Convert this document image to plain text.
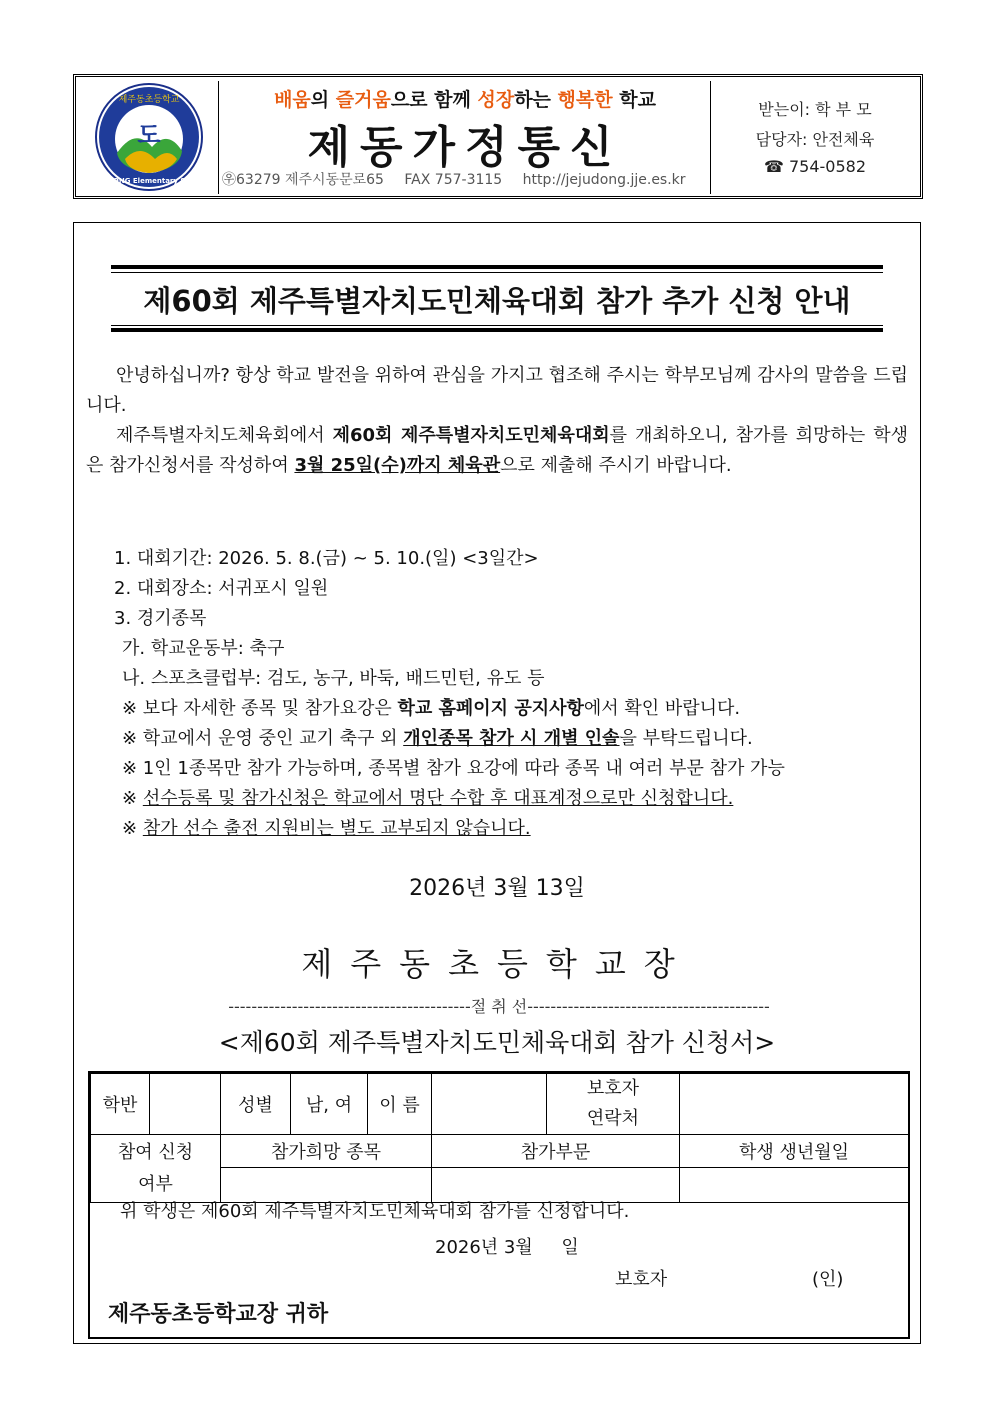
도
제주동초등학교
JEJUDONG Elementary School
배움의 즐거움으로 함께 성장하는 행복한 학교
제동가정통신
㉾63279 제주시동문로65 FAX 757-3115 http://jejudong.jje.es.kr
받는이: 학 부 모
담당자: 안전체육
☎ 754-0582
제60회 제주특별자치도민체육대회 참가 추가 신청 안내
안녕하십니까? 항상 학교 발전을 위하여 관심을 가지고 협조해 주시는 학부모님께 감사의 말씀을 드립니다.
제주특별자치도체육회에서 제60회 제주특별자치도민체육대회를 개최하오니, 참가를 희망하는 학생은 참가신청서를 작성하여 3월 25일(수)까지 체육관으로 제출해 주시기 바랍니다.
1. 대회기간: 2026. 5. 8.(금) ~ 5. 10.(일) <3일간>
2. 대회장소: 서귀포시 일원
3. 경기종목
가. 학교운동부: 축구
나. 스포츠클럽부: 검도, 농구, 바둑, 배드민턴, 유도 등
※ 보다 자세한 종목 및 참가요강은 학교 홈페이지 공지사항에서 확인 바랍니다.
※ 학교에서 운영 중인 교기 축구 외 개인종목 참가 시 개별 인솔을 부탁드립니다.
※ 1인 1종목만 참가 가능하며, 종목별 참가 요강에 따라 종목 내 여러 부문 참가 가능
※ 선수등록 및 참가신청은 학교에서 명단 수합 후 대표계정으로만 신청합니다.
※ 참가 선수 출전 지원비는 별도 교부되지 않습니다.
2026년 3월 13일
제주동초등학교장
------------------------------------------절 취 선------------------------------------------
<제60회 제주특별자치도민체육대회 참가 신청서>
학반		성별	남, 여	이 름		보호자
연락처	

참여 신청
여부		참가희망 종목			참가부문		학생 생년월일

위 학생은 제60회 제주특별자치도민체육대회 참가를 신청합니다.
2026년 3월     일
보호자	(인)
제주동초등학교장 귀하
